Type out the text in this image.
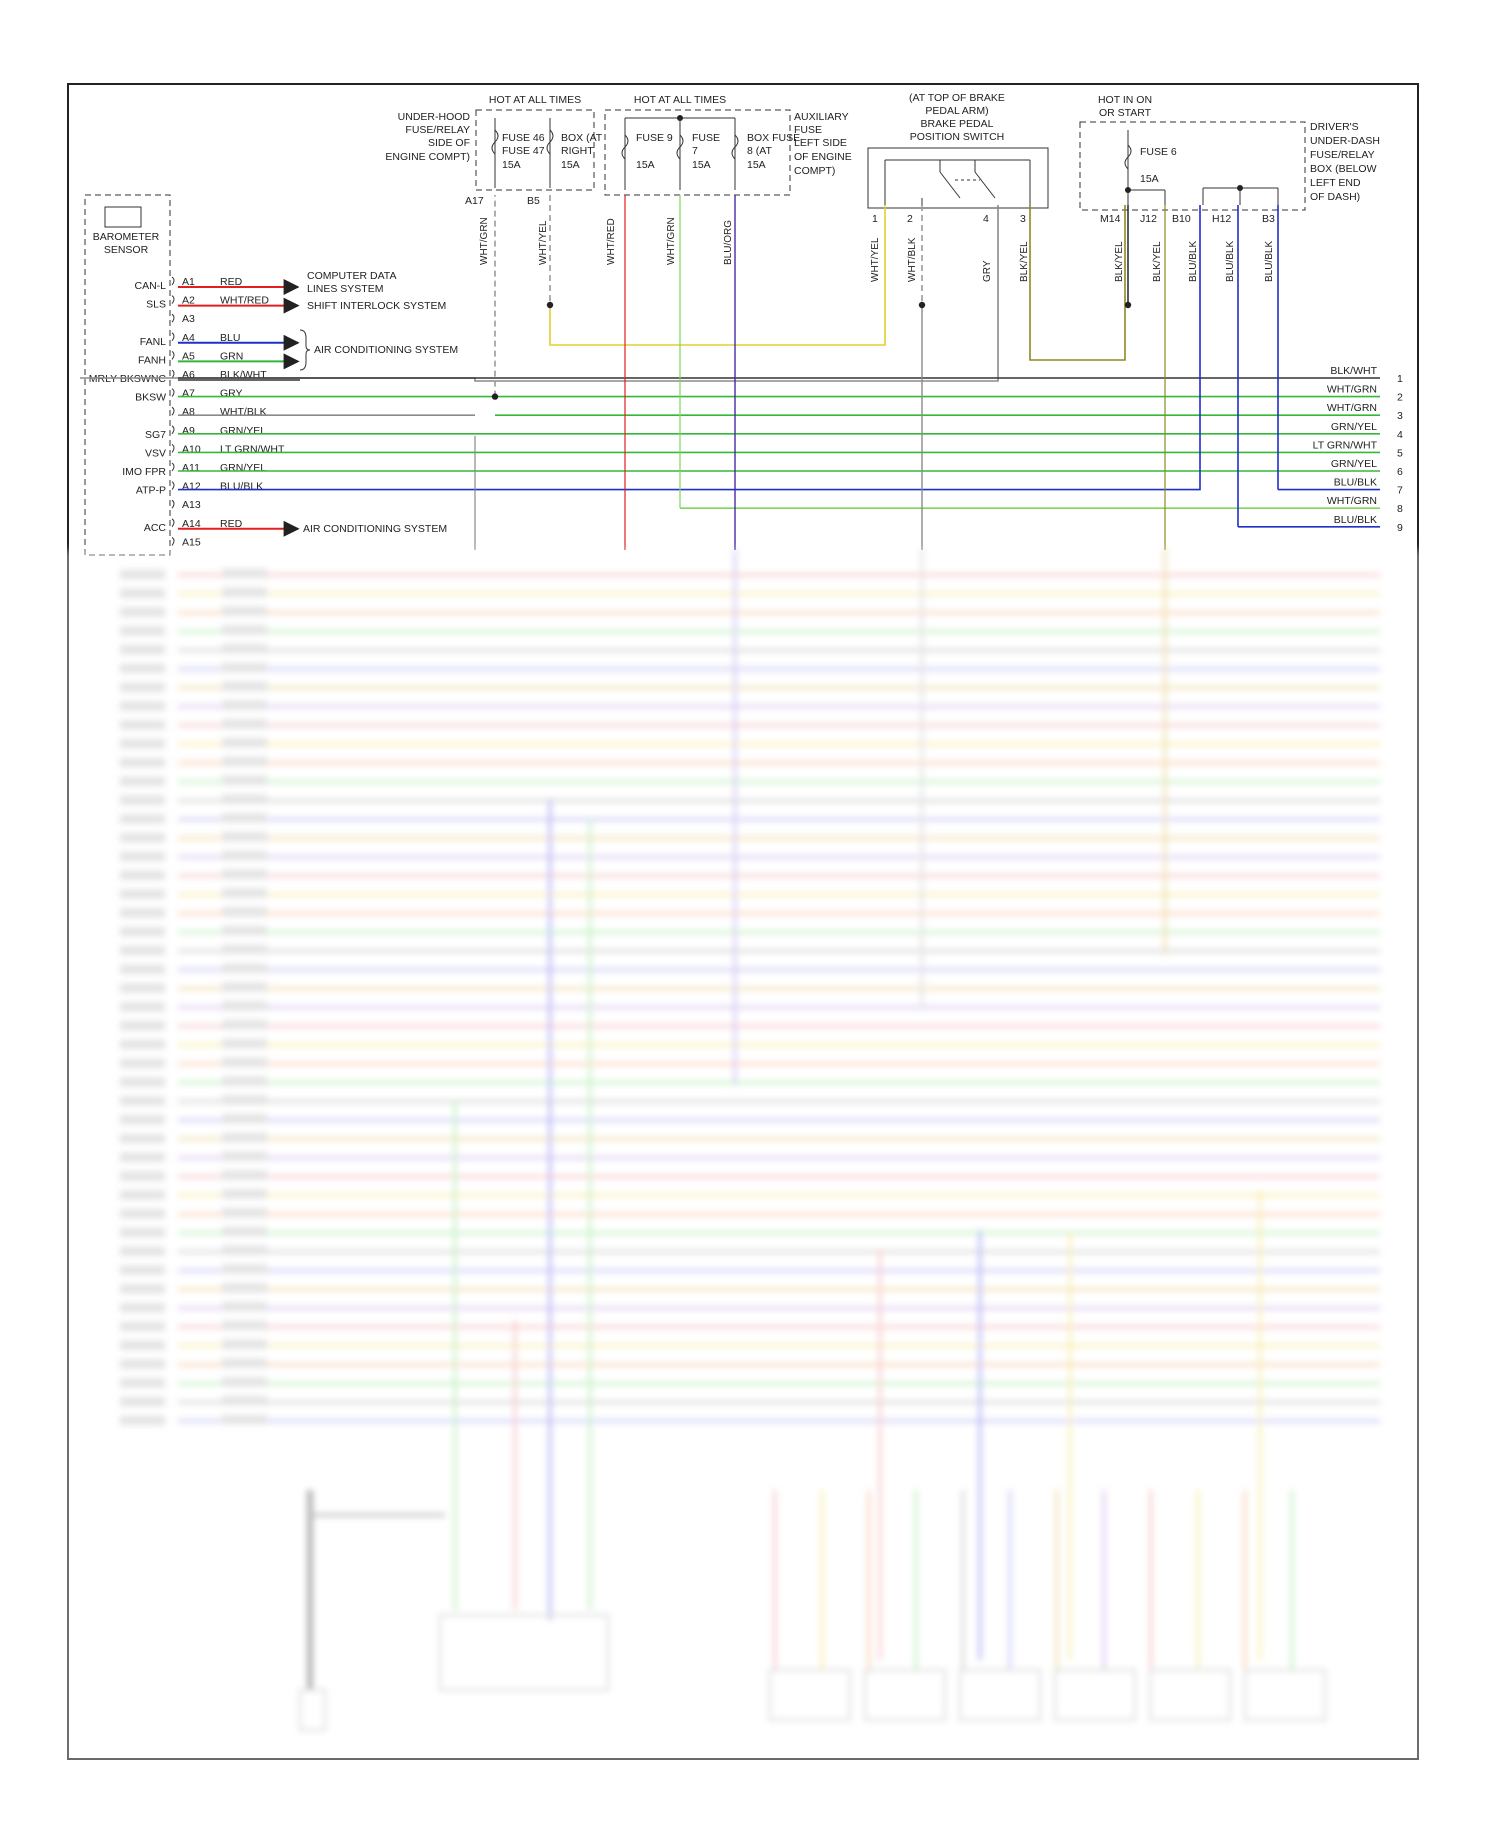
BAROMETER
SENSOR
HOT AT ALL TIMES	HOT AT ALL TIMES	HOT IN ON
OR START
UNDER-HOOD
FUSE/RELAY
SIDE OF
ENGINE COMPT)
FUSE 46
FUSE 47
15A
BOX (AT
RIGHT
15A
FUSE 9
15A
FUSE
7
15A
BOX FUSE
8 (AT
15A
AUXILIARY
FUSE
LEFT SIDE
OF ENGINE
COMPT)
(AT TOP OF BRAKE
PEDAL ARM)
BRAKE PEDAL
POSITION SWITCH
1	2	4	3
FUSE 6
15A
DRIVER'S
UNDER-DASH
FUSE/RELAY
BOX (BELOW
LEFT END
OF DASH)
A17	B5
M14 J12 B10 H12	B3
WHT/GRN	WHT/YEL	WHT/RED	WHT/GRN	BLU/ORG	WHT/YEL	WHT/BLK	GRY	BLK/YEL	BLK/YEL	BLK/YEL	BLU/BLK	BLU/BLK	BLU/BLK
CAN-L A1 RED
SLS A2 WHT/RED
A3
FANL A4 BLU
FANH A5 GRN
MRLY BKSWNC A6 BLK/WHT
BKSW A7 GRY
A8 WHT/BLK
SG7 A9 GRN/YEL
VSV A10 LT GRN/WHT
IMO FPR A11 GRN/YEL
ATP-P A12 BLU/BLK
A13
ACC A14 RED
A15
COMPUTER DATA
LINES SYSTEM
SHIFT INTERLOCK SYSTEM
AIR CONDITIONING SYSTEM
AIR CONDITIONING SYSTEM
BLK/WHT
1
WHT/GRN
2
WHT/GRN
3
GRN/YEL
4
LT GRN/WHT
5
GRN/YEL
6
BLU/BLK
7
WHT/GRN
8
BLU/BLK
9
